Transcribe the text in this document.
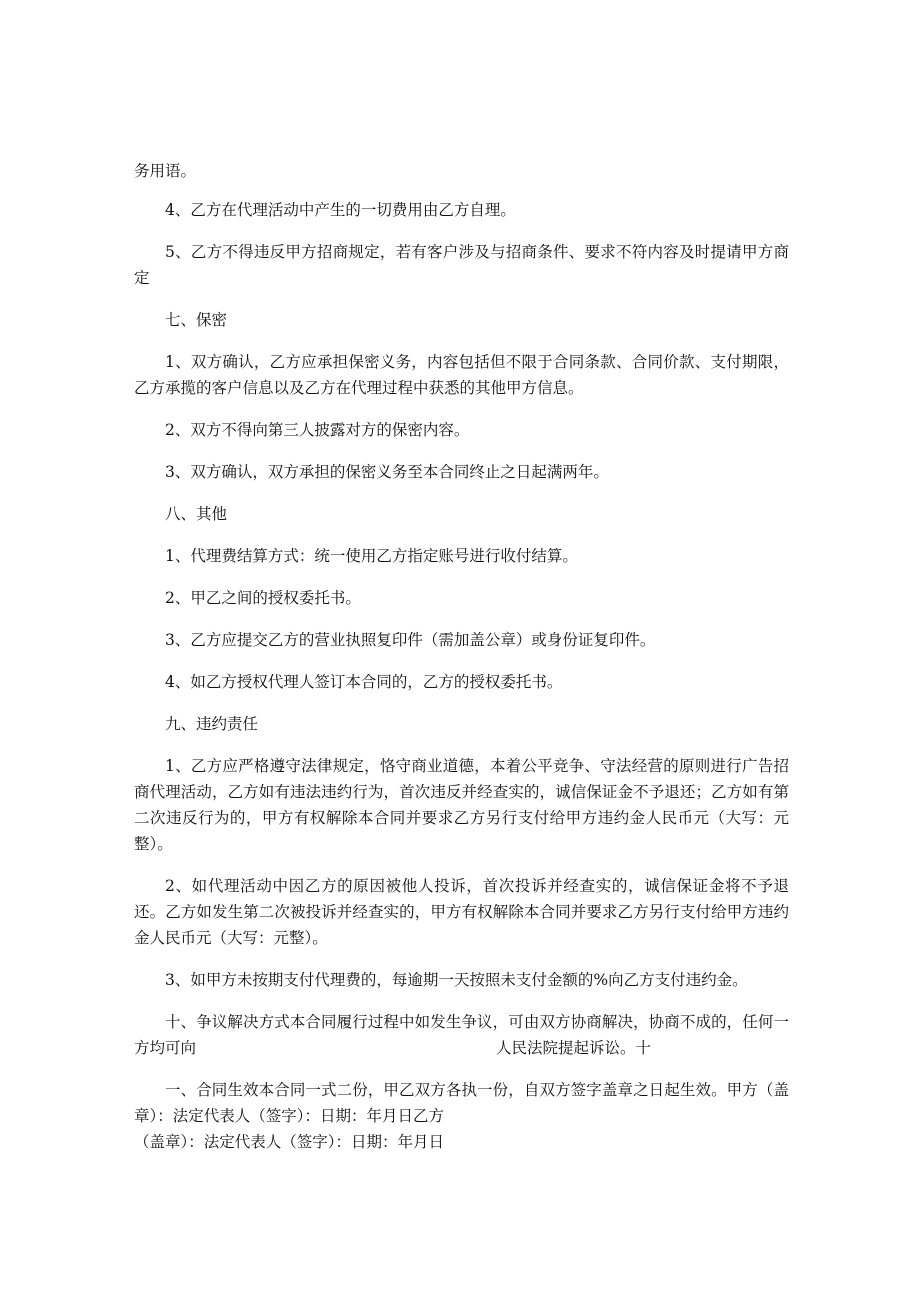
务用语。

4、乙方在代理活动中产生的一切费用由乙方自理。

5、乙方不得违反甲方招商规定，若有客户涉及与招商条件、要求不符内容及时提请甲方商定

七、保密

1、双方确认，乙方应承担保密义务，内容包括但不限于合同条款、合同价款、支付期限，乙方承揽的客户信息以及乙方在代理过程中获悉的其他甲方信息。

2、双方不得向第三人披露对方的保密内容。

3、双方确认，双方承担的保密义务至本合同终止之日起满两年。

八、其他

1、代理费结算方式：统一使用乙方指定账号进行收付结算。

2、甲乙之间的授权委托书。

3、乙方应提交乙方的营业执照复印件（需加盖公章）或身份证复印件。

4、如乙方授权代理人签订本合同的，乙方的授权委托书。

九、违约责任

1、乙方应严格遵守法律规定，恪守商业道德，本着公平竞争、守法经营的原则进行广告招商代理活动，乙方如有违法违约行为，首次违反并经查实的，诚信保证金不予退还；乙方如有第二次违反行为的，甲方有权解除本合同并要求乙方另行支付给甲方违约金人民币元（大写：元整）。

2、如代理活动中因乙方的原因被他人投诉，首次投诉并经查实的，诚信保证金将不予退还。乙方如发生第二次被投诉并经查实的，甲方有权解除本合同并要求乙方另行支付给甲方违约金人民币元（大写：元整）。

3、如甲方未按期支付代理费的，每逾期一天按照未支付金额的%向乙方支付违约金。

十、争议解决方式本合同履行过程中如发生争议，可由双方协商解决，协商不成的，任何一方均可向	人民法院提起诉讼。十

一、合同生效本合同一式二份，甲乙双方各执一份，自双方签字盖章之日起生效。甲方（盖章）：法定代表人（签字）：日期：年月日乙方

（盖章）：法定代表人（签字）：日期：年月日
